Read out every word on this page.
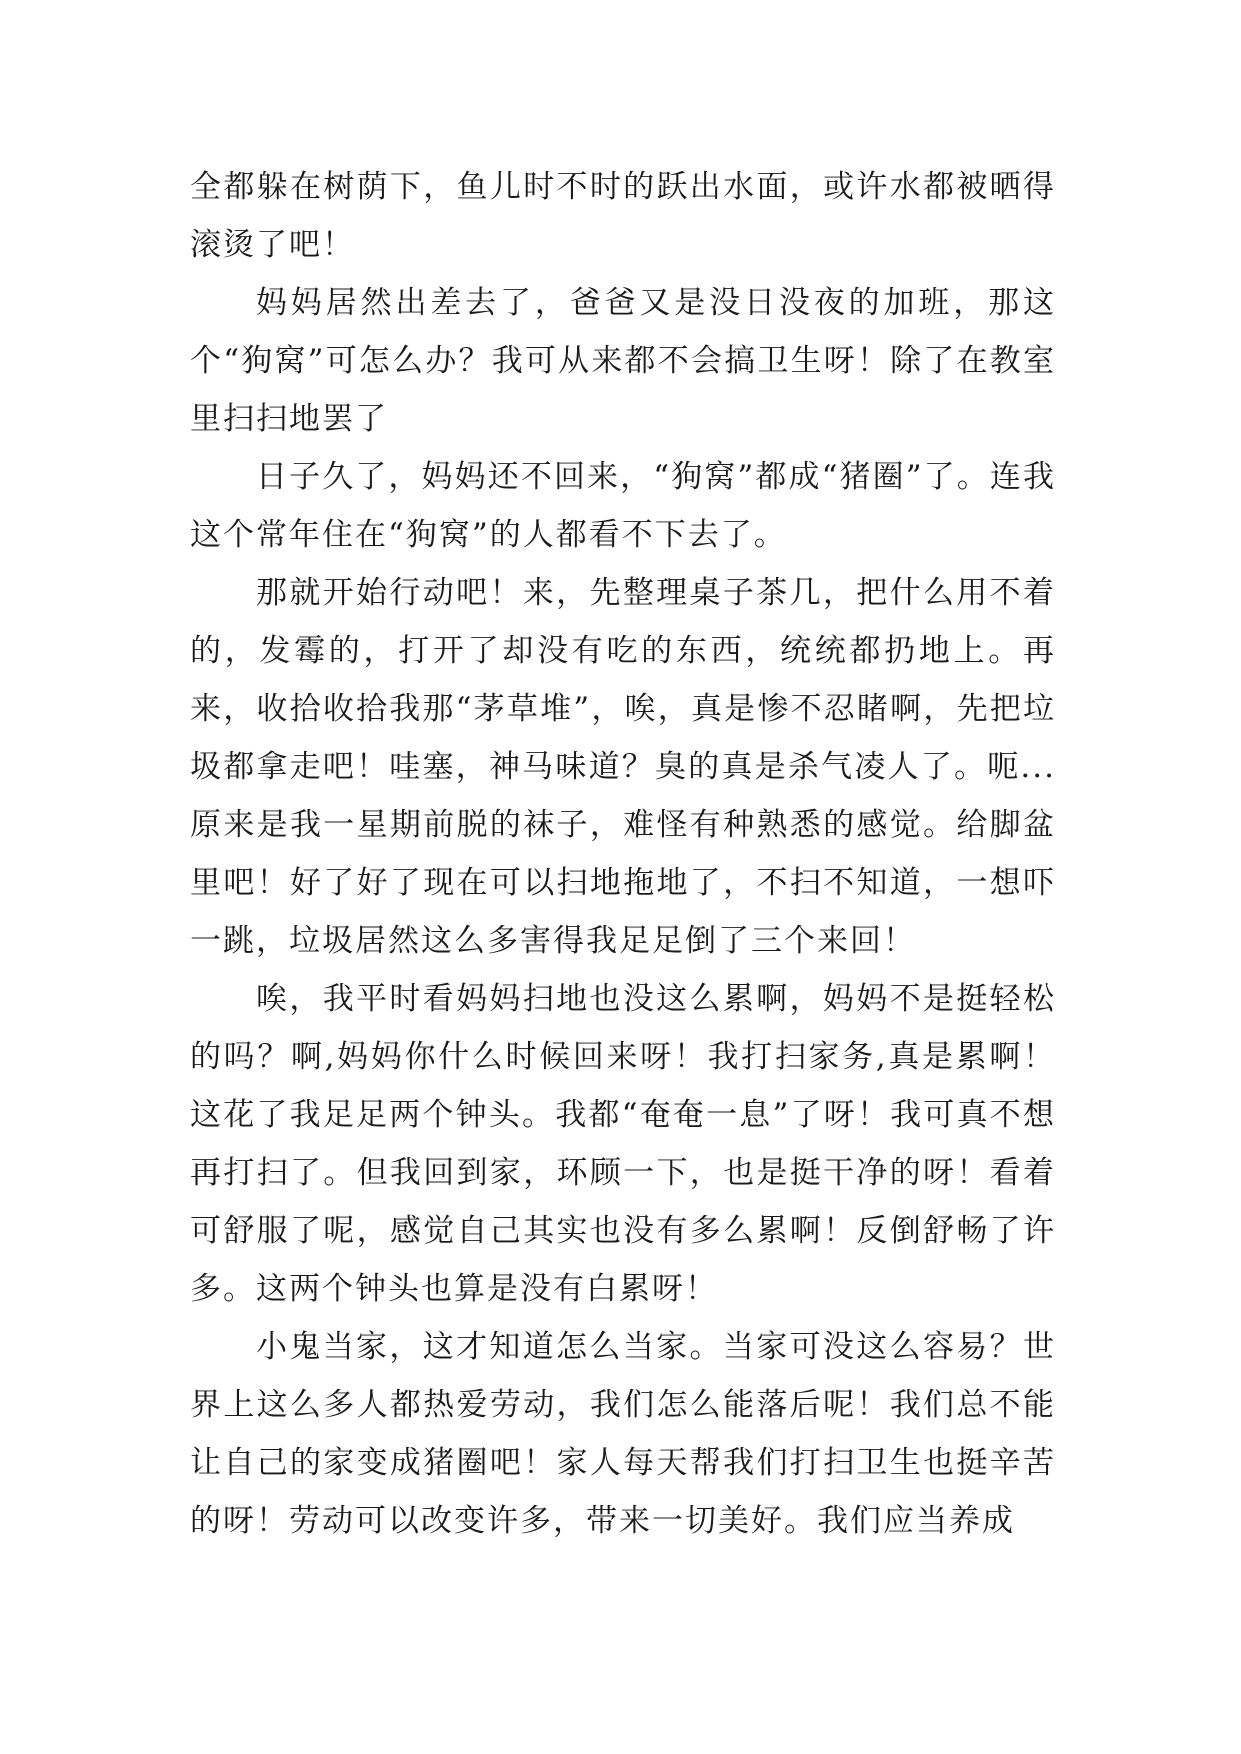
全都躲在树荫下，鱼儿时不时的跃出水面，或许水都被晒得滚烫了吧！

妈妈居然出差去了，爸爸又是没日没夜的加班，那这个“狗窝”可怎么办？我可从来都不会搞卫生呀！除了在教室里扫扫地罢了

日子久了，妈妈还不回来，“狗窝”都成“猪圈”了。连我这个常年住在“狗窝”的人都看不下去了。

那就开始行动吧！来，先整理桌子茶几，把什么用不着的，发霉的，打开了却没有吃的东西，统统都扔地上。再来，收拾收拾我那“茅草堆”，唉，真是惨不忍睹啊，先把垃圾都拿走吧！哇塞，神马味道？臭的真是杀气凌人了。呃...原来是我一星期前脱的袜子，难怪有种熟悉的感觉。给脚盆里吧！好了好了现在可以扫地拖地了，不扫不知道，一想吓一跳，垃圾居然这么多害得我足足倒了三个来回！

唉，我平时看妈妈扫地也没这么累啊，妈妈不是挺轻松的吗？啊,妈妈你什么时候回来呀！我打扫家务,真是累啊！这花了我足足两个钟头。我都“奄奄一息”了呀！我可真不想再打扫了。但我回到家，环顾一下，也是挺干净的呀！看着可舒服了呢，感觉自己其实也没有多么累啊！反倒舒畅了许多。这两个钟头也算是没有白累呀！

小鬼当家，这才知道怎么当家。当家可没这么容易？世界上这么多人都热爱劳动，我们怎么能落后呢！我们总不能让自己的家变成猪圈吧！家人每天帮我们打扫卫生也挺辛苦的呀！劳动可以改变许多，带来一切美好。我们应当养成
